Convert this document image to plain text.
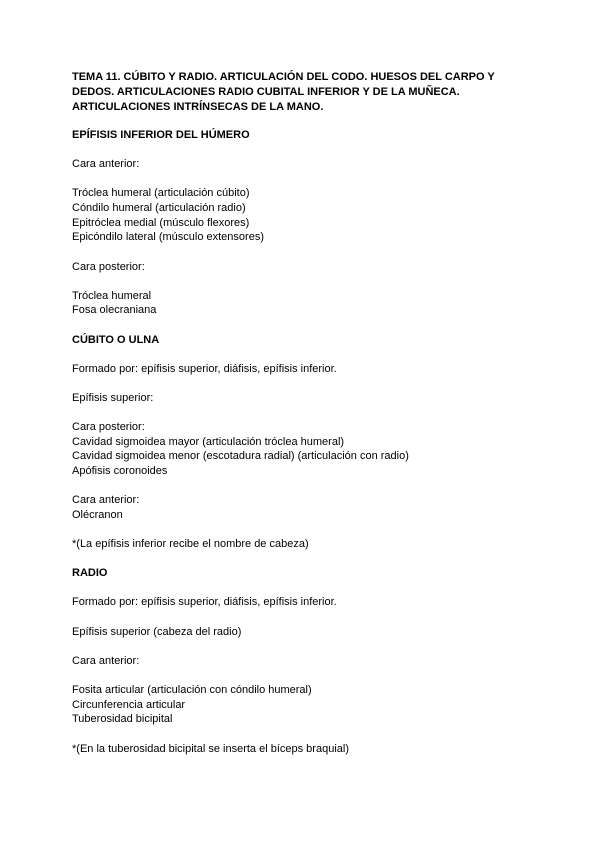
TEMA 11. CÚBITO Y RADIO. ARTICULACIÓN DEL CODO. HUESOS DEL CARPO Y DEDOS. ARTICULACIONES RADIO CUBITAL INFERIOR Y DE LA MUÑECA. ARTICULACIONES INTRÍNSECAS DE LA MANO.
EPÍFISIS INFERIOR DEL HÚMERO
Cara anterior:
Tróclea humeral (articulación cúbito)
Cóndilo humeral (articulación radio)
Epitróclea medial (músculo flexores)
Epicóndilo lateral (músculo extensores)
Cara posterior:
Tróclea humeral
Fosa olecraniana
CÚBITO O ULNA
Formado por: epífisis superior, diáfisis, epífisis inferior.
Epífisis superior:
Cara posterior:
Cavidad sigmoidea mayor (articulación tróclea humeral)
Cavidad sigmoidea menor (escotadura radial) (articulación con radio)
Apófisis coronoides
Cara anterior:
Olécranon
*(La epífisis inferior recibe el nombre de cabeza)
RADIO
Formado por: epífisis superior, diáfisis, epífisis inferior.
Epífisis superior (cabeza del radio)
Cara anterior:
Fosita articular (articulación con cóndilo humeral)
Circunferencia articular
Tuberosidad bicipital
*(En la tuberosidad bicipital se inserta el bíceps braquial)
